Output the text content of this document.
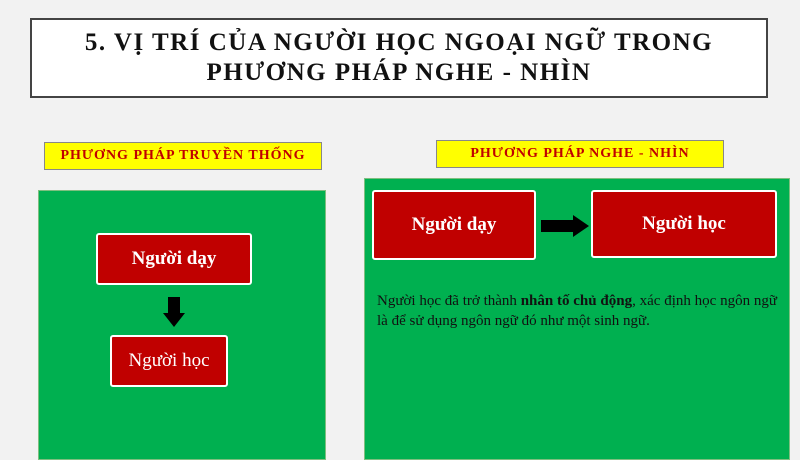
5. VỊ TRÍ CỦA NGƯỜI HỌC NGOẠI NGỮ TRONG PHƯƠNG PHÁP NGHE - NHÌN

PHƯƠNG PHÁP TRUYỀN THỐNG	PHƯƠNG PHÁP NGHE - NHÌN
Người dạy
Người học
Người dạy	Người học

Người học đã trở thành nhân tố chủ động, xác định học ngôn ngữ là để sử dụng ngôn ngữ đó như một sinh ngữ.
